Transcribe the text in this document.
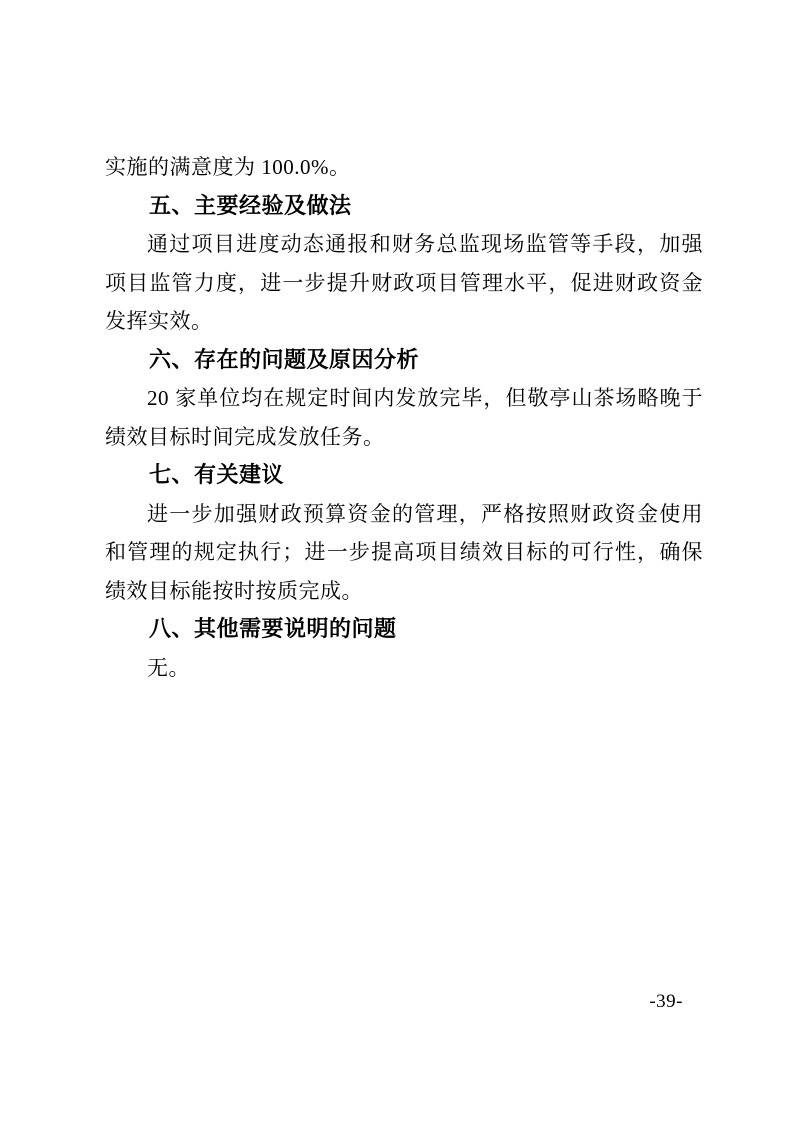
实施的满意度为 100.0%。

五、主要经验及做法

通过项目进度动态通报和财务总监现场监管等手段，加强项目监管力度，进一步提升财政项目管理水平，促进财政资金发挥实效。

六、存在的问题及原因分析

20 家单位均在规定时间内发放完毕，但敬亭山茶场略晚于绩效目标时间完成发放任务。

七、有关建议

进一步加强财政预算资金的管理，严格按照财政资金使用和管理的规定执行；进一步提高项目绩效目标的可行性，确保绩效目标能按时按质完成。

八、其他需要说明的问题

无。

-39-
